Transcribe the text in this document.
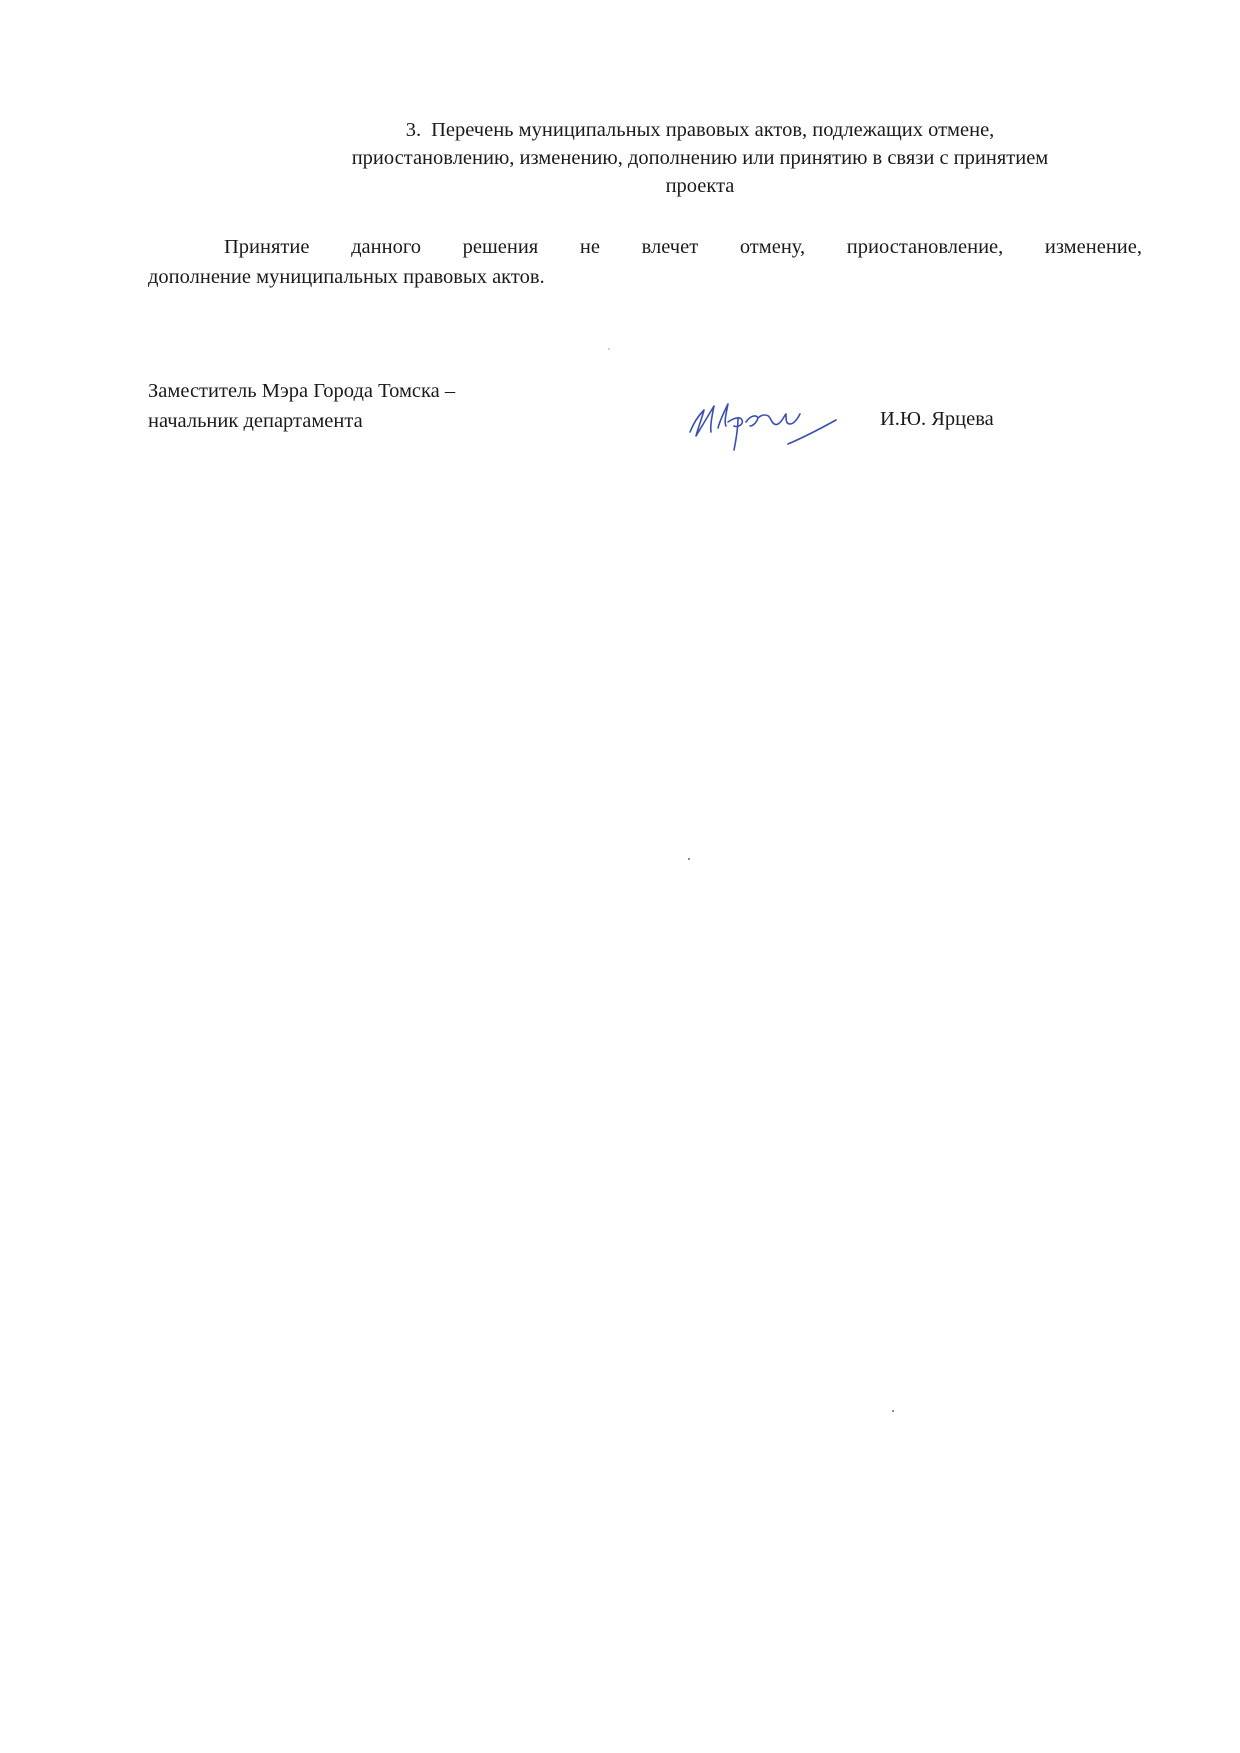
3. Перечень муниципальных правовых актов, подлежащих отмене,
приостановлению, изменению, дополнению или принятию в связи с принятием
проекта
Принятие данного решения не влечет отмену, приостановление, изменение,
дополнение муниципальных правовых актов.
Заместитель Мэра Города Томска –
начальник департамента	И.Ю. Ярцева
